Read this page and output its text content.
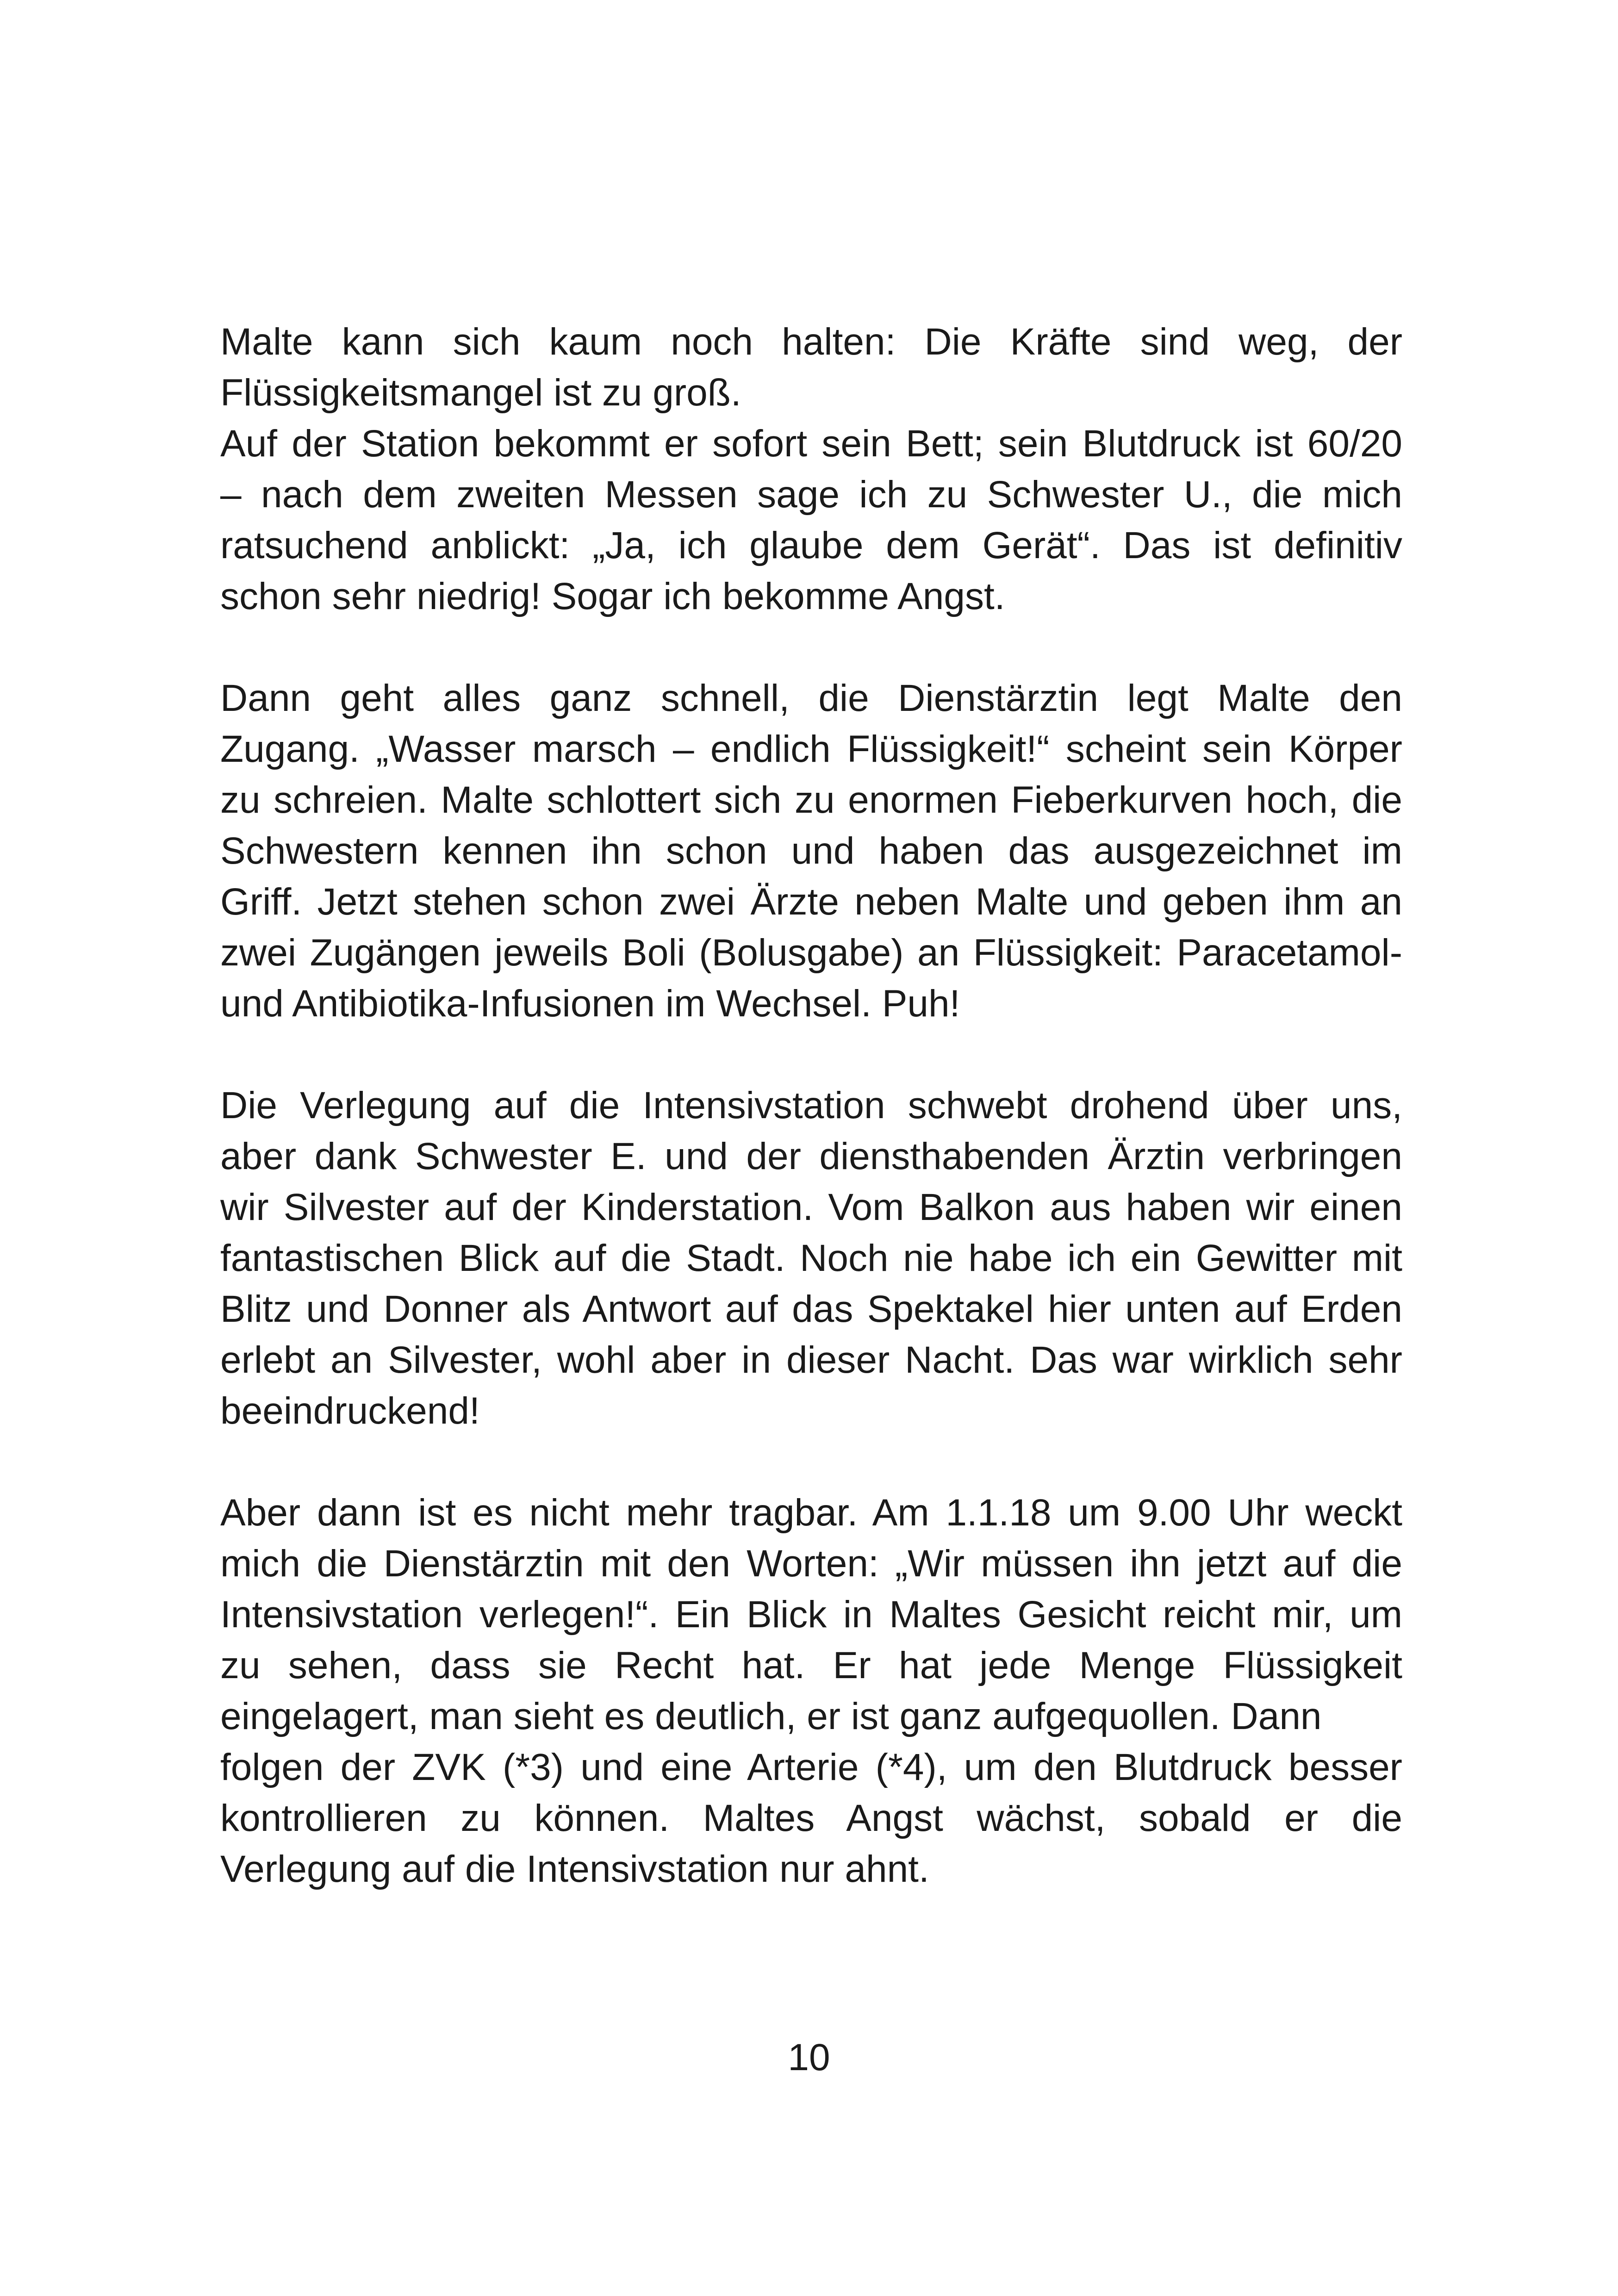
Malte kann sich kaum noch halten: Die Kräfte sind weg, der
Flüssigkeitsmangel ist zu groß.
Auf der Station bekommt er sofort sein Bett; sein Blutdruck ist 60/20
– nach dem zweiten Messen sage ich zu Schwester U., die mich
ratsuchend anblickt: „Ja, ich glaube dem Gerät“. Das ist definitiv
schon sehr niedrig! Sogar ich bekomme Angst.
Dann geht alles ganz schnell, die Dienstärztin legt Malte den
Zugang. „Wasser marsch – endlich Flüssigkeit!“ scheint sein Körper
zu schreien. Malte schlottert sich zu enormen Fieberkurven hoch, die
Schwestern kennen ihn schon und haben das ausgezeichnet im
Griff. Jetzt stehen schon zwei Ärzte neben Malte und geben ihm an
zwei Zugängen jeweils Boli (Bolusgabe) an Flüssigkeit: Paracetamol-
und Antibiotika-Infusionen im Wechsel. Puh!
Die Verlegung auf die Intensivstation schwebt drohend über uns,
aber dank Schwester E. und der diensthabenden Ärztin verbringen
wir Silvester auf der Kinderstation. Vom Balkon aus haben wir einen
fantastischen Blick auf die Stadt. Noch nie habe ich ein Gewitter mit
Blitz und Donner als Antwort auf das Spektakel hier unten auf Erden
erlebt an Silvester, wohl aber in dieser Nacht. Das war wirklich sehr
beeindruckend!
Aber dann ist es nicht mehr tragbar. Am 1.1.18 um 9.00 Uhr weckt
mich die Dienstärztin mit den Worten: „Wir müssen ihn jetzt auf die
Intensivstation verlegen!“. Ein Blick in Maltes Gesicht reicht mir, um
zu sehen, dass sie Recht hat. Er hat jede Menge Flüssigkeit
eingelagert, man sieht es deutlich, er ist ganz aufgequollen. Dann
folgen der ZVK (*3) und eine Arterie (*4), um den Blutdruck besser
kontrollieren zu können. Maltes Angst wächst, sobald er die
Verlegung auf die Intensivstation nur ahnt.
10
